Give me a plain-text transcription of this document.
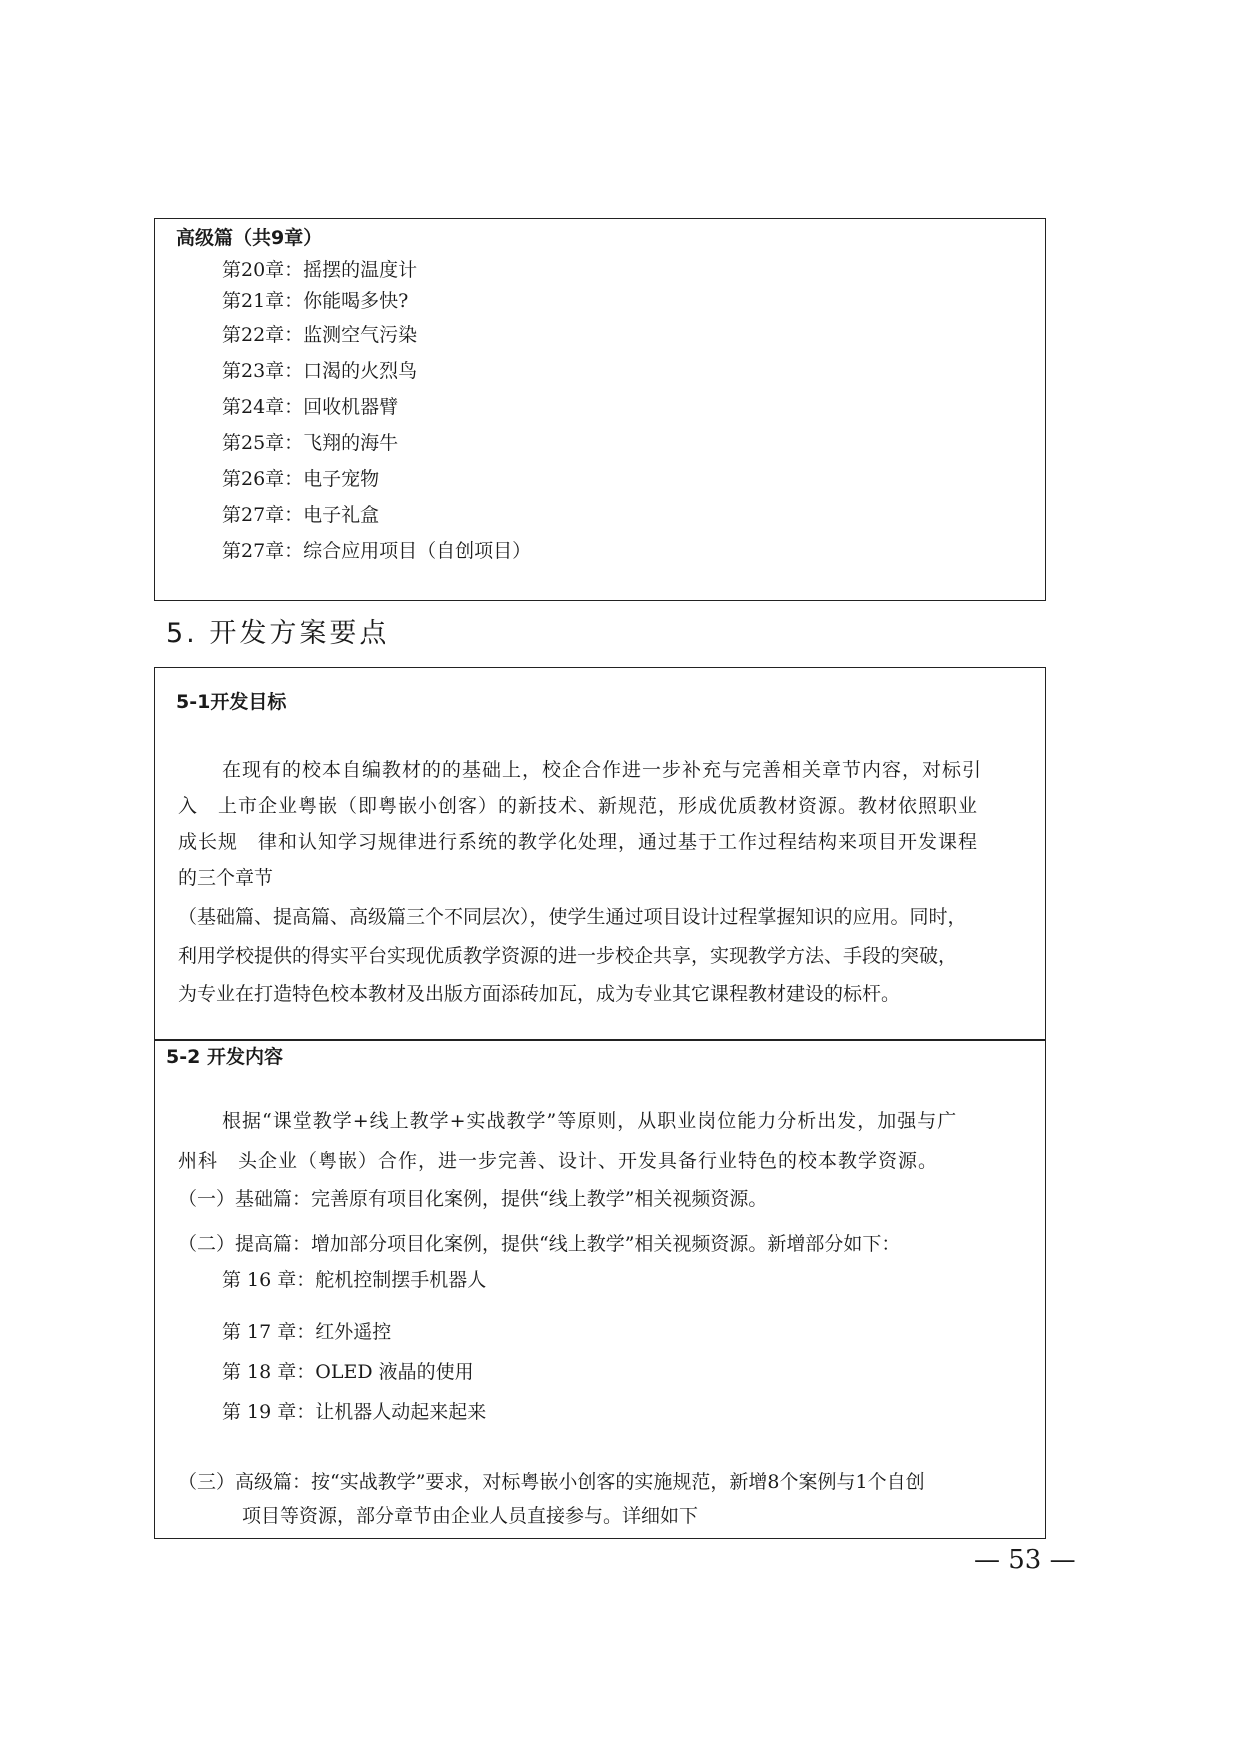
高级篇（共9章）
第20章：摇摆的温度计
第21章：你能喝多快?
第22章：监测空气污染
第23章：口渴的火烈鸟
第24章：回收机器臂
第25章：飞翔的海牛
第26章：电子宠物
第27章：电子礼盒
第27章：综合应用项目（自创项目）
5. 开发方案要点
5-1开发目标
在现有的校本自编教材的的基础上，校企合作进一步补充与完善相关章节内容，对标引
入　上市企业粤嵌（即粤嵌小创客）的新技术、新规范，形成优质教材资源。教材依照职业
成长规　律和认知学习规律进行系统的教学化处理，通过基于工作过程结构来项目开发课程
的三个章节
（基础篇、提高篇、高级篇三个不同层次），使学生通过项目设计过程掌握知识的应用。同时，
利用学校提供的得实平台实现优质教学资源的进一步校企共享，实现教学方法、手段的突破，
为专业在打造特色校本教材及出版方面添砖加瓦，成为专业其它课程教材建设的标杆。
5-2 开发内容
根据“课堂教学+线上教学+实战教学”等原则，从职业岗位能力分析出发，加强与广
州科　头企业（粤嵌）合作，进一步完善、设计、开发具备行业特色的校本教学资源。
（一）基础篇：完善原有项目化案例，提供“线上教学”相关视频资源。
（二）提高篇：增加部分项目化案例，提供“线上教学”相关视频资源。新增部分如下：
第 16 章：舵机控制摆手机器人
第 17 章：红外遥控
第 18 章：OLED 液晶的使用
第 19 章：让机器人动起来起来
（三）高级篇：按“实战教学”要求，对标粤嵌小创客的实施规范，新增8个案例与1个自创
项目等资源，部分章节由企业人员直接参与。详细如下
— 53 —
